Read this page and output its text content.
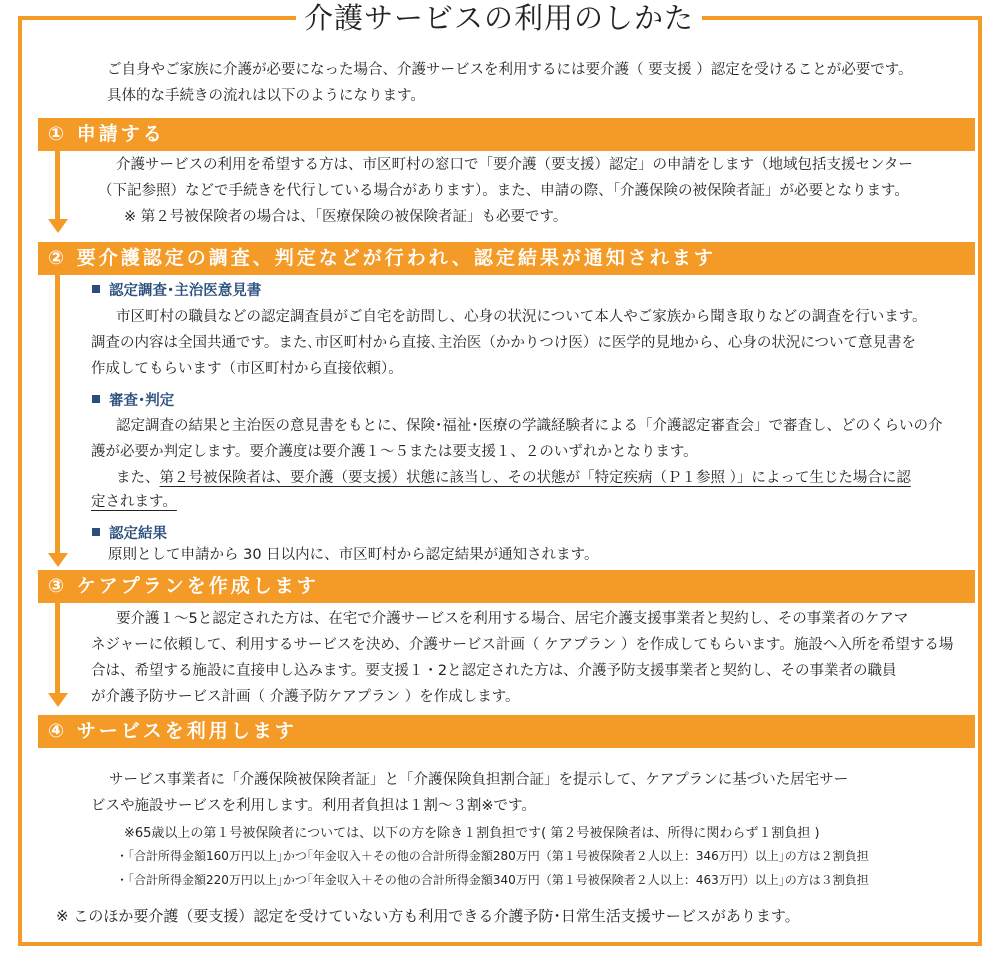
介護サービスの利用のしかた
ご自身やご家族に介護が必要になった場合、介護サービスを利用するには要介護（ 要支援 ）認定を受けることが必要です。
具体的な手続きの流れは以下のようになります。
① 申請する
介護サービスの利用を希望する方は、市区町村の窓口で「要介護（要支援）認定」の申請をします（地域包括支援センター
（下記参照）などで手続きを代行している場合があります）。また、申請の際、「介護保険の被保険者証」が必要となります。
※ 第２号被保険者の場合は、「医療保険の被保険者証」も必要です。
② 要介護認定の調査、判定などが行われ、認定結果が通知されます
認定調査･主治医意見書
市区町村の職員などの認定調査員がご自宅を訪問し、心身の状況について本人やご家族から聞き取りなどの調査を行います。
調査の内容は全国共通です。また､市区町村から直接､主治医（かかりつけ医）に医学的見地から、心身の状況について意見書を
作成してもらいます（市区町村から直接依頼）。
審査･判定
認定調査の結果と主治医の意見書をもとに、保険･福祉･医療の学識経験者による「介護認定審査会」で審査し、どのくらいの介
護が必要か判定します。要介護度は要介護１～５または要支援１、２のいずれかとなります。
また、第２号被保険者は、要介護（要支援）状態に該当し、その状態が「特定疾病（Ｐ１参照 ）」によって生じた場合に認
定されます。
認定結果
原則として申請から 30 日以内に、市区町村から認定結果が通知されます。
③ ケアプランを作成します
要介護１～5と認定された方は、在宅で介護サービスを利用する場合、居宅介護支援事業者と契約し、その事業者のケアマ
ネジャーに依頼して、利用するサービスを決め、介護サービス計画（ ケアプラン ）を作成してもらいます。施設へ入所を希望する場
合は、希望する施設に直接申し込みます。要支援１・2と認定された方は、介護予防支援事業者と契約し、その事業者の職員
が介護予防サービス計画（ 介護予防ケアプラン ）を作成します。
④ サービスを利用します
サービス事業者に「介護保険被保険者証」と「介護保険負担割合証」を提示して、ケアプランに基づいた居宅サー
ビスや施設サービスを利用します。利用者負担は１割～３割※です。
※65歳以上の第１号被保険者については、以下の方を除き１割負担です( 第２号被保険者は、所得に関わらず１割負担 )
・｢合計所得金額160万円以上｣かつ｢年金収入＋その他の合計所得金額280万円（第１号被保険者２人以上：346万円）以上｣の方は２割負担
・｢合計所得金額220万円以上｣かつ｢年金収入＋その他の合計所得金額340万円（第１号被保険者２人以上：463万円）以上｣の方は３割負担
※ このほか要介護（要支援）認定を受けていない方も利用できる介護予防･日常生活支援サービスがあります。
